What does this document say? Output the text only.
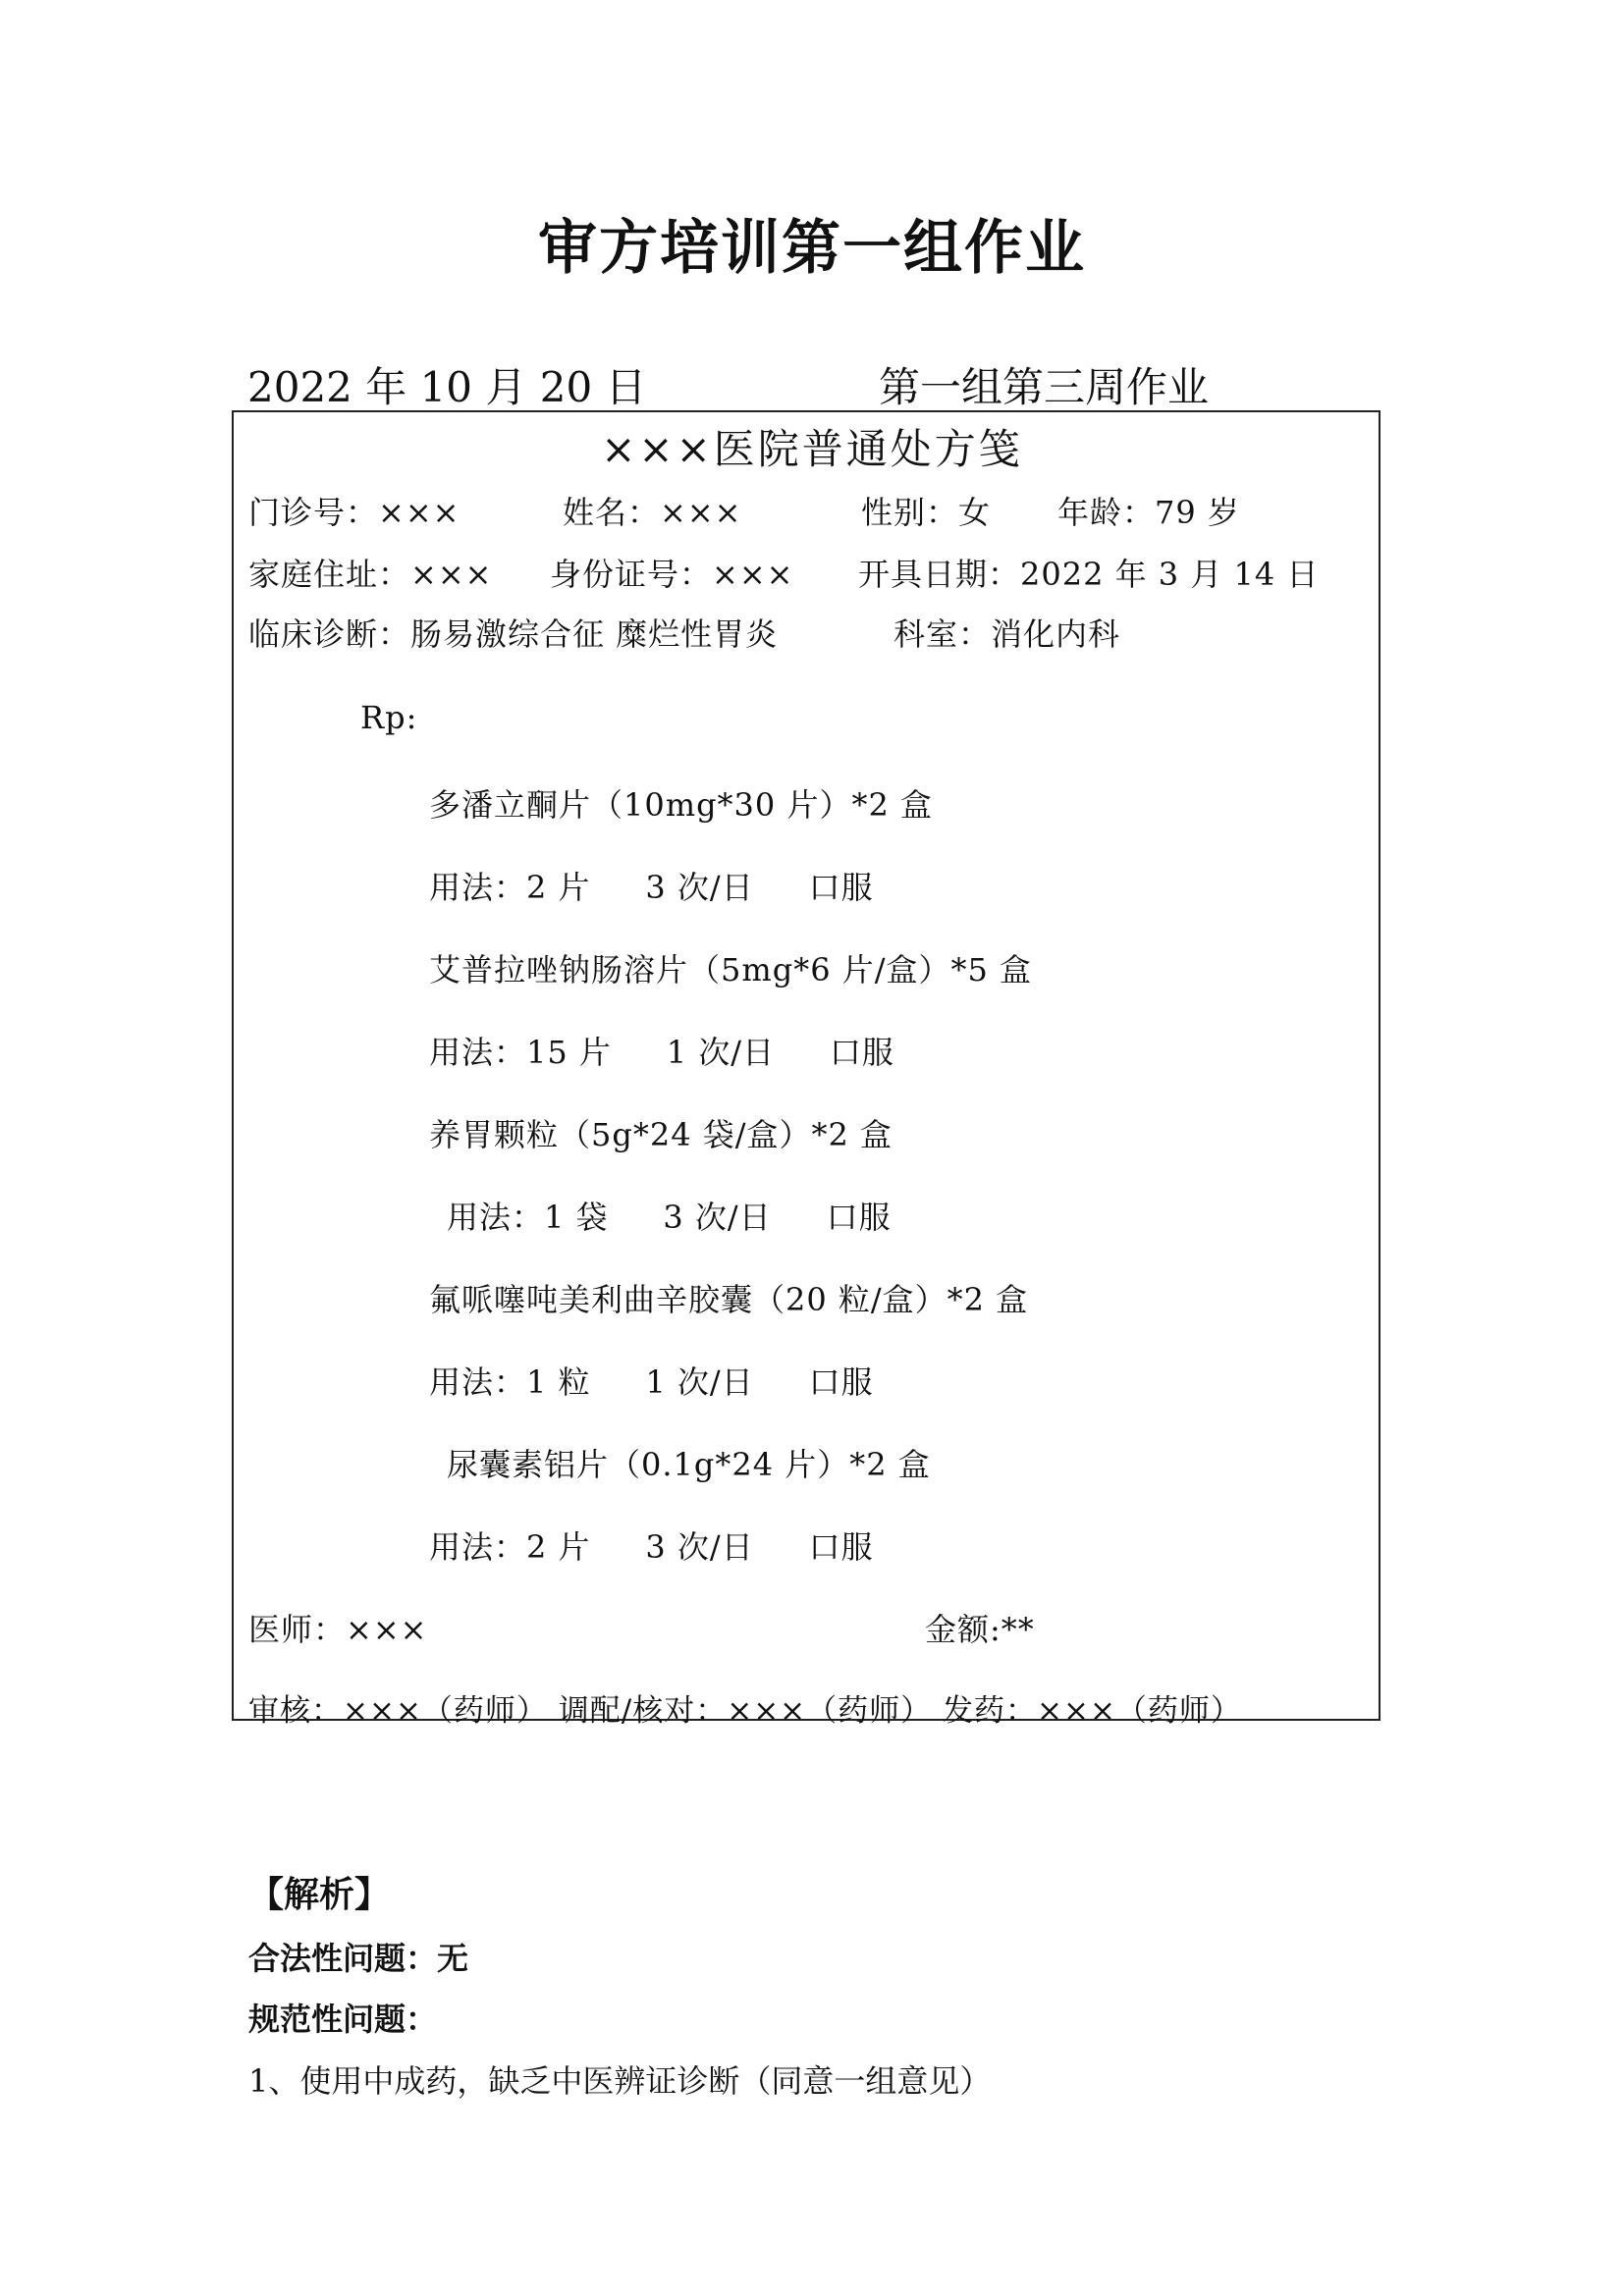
审方培训第一组作业
2022 年 10 月 20 日	第一组第三周作业
×××医院普通处方笺
门诊号：×××	姓名：×××	性别：女 年龄：79 岁
家庭住址：××× 身份证号：××× 开具日期：2022 年 3 月 14 日
临床诊断：肠易激综合征 糜烂性胃炎	科室：消化内科
Rp:
多潘立酮片（10mg*30 片）*2 盒
用法：2 片     3 次/日     口服
艾普拉唑钠肠溶片（5mg*6 片/盒）*5 盒
用法：15 片     1 次/日     口服
养胃颗粒（5g*24 袋/盒）*2 盒
用法：1 袋     3 次/日     口服
氟哌噻吨美利曲辛胶囊（20 粒/盒）*2 盒
用法：1 粒     1 次/日     口服
尿囊素铝片（0.1g*24 片）*2 盒
用法：2 片     3 次/日     口服
医师：×××	金额:**
审核：×××（药师） 调配/核对：×××（药师） 发药：×××（药师）
【解析】
合法性问题：无
规范性问题：
1、使用中成药，缺乏中医辨证诊断（同意一组意见）
